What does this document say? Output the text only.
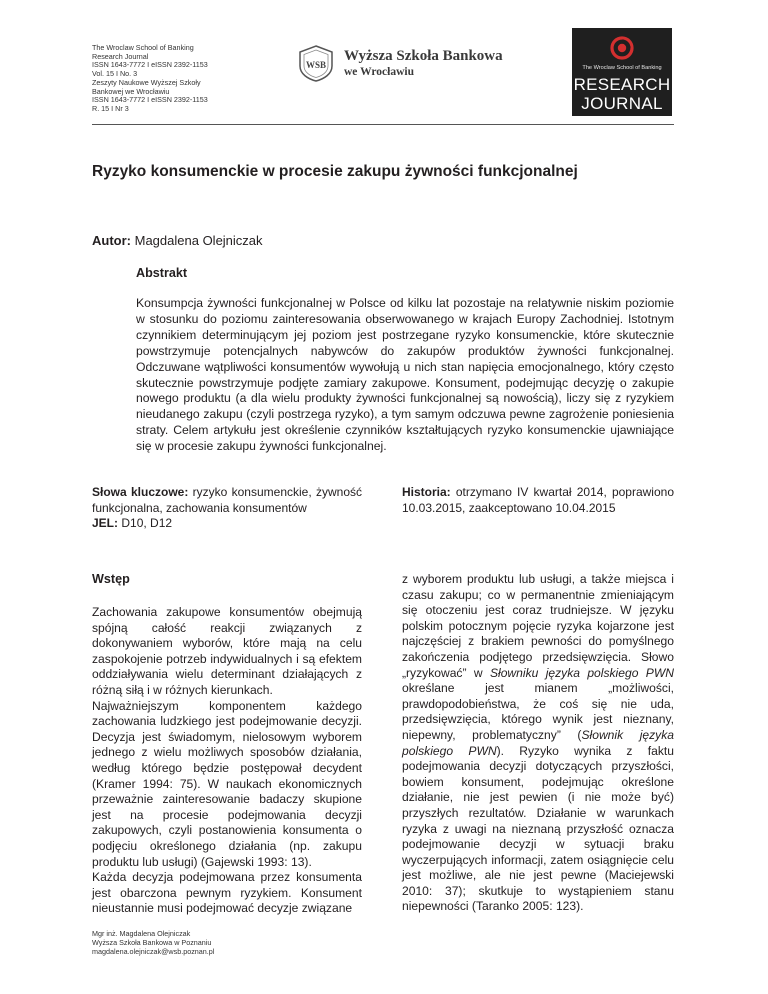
The Wroclaw School of Banking
Research Journal
ISSN 1643-7772 I eISSN 2392-1153
Vol. 15 I No. 3
Zeszyty Naukowe Wyższej Szkoły
Bankowej we Wrocławiu
ISSN 1643-7772 I eISSN 2392-1153
R. 15 I Nr 3
WSB
Wyższa Szkoła Bankowa
we Wrocławiu	The Wroclaw School of Banking
RESEARCH
JOURNAL
Ryzyko konsumenckie w procesie zakupu żywności funkcjonalnej
Autor: Magdalena Olejniczak
Abstrakt
Konsumpcja żywności funkcjonalnej w Polsce od kilku lat pozostaje na relatywnie niskim poziomie w stosunku do poziomu zainteresowania obserwowanego w krajach Europy Zachodniej. Istotnym czynnikiem determinującym jej poziom jest postrzegane ryzyko konsumenckie, które skutecznie powstrzymuje potencjalnych nabywców do zakupów produktów żywności funkcjonalnej. Odczuwane wątpliwości konsumentów wywołują u nich stan napięcia emocjonalnego, który często skutecznie powstrzymuje podjęte zamiary zakupowe. Konsument, podejmując decyzję o zakupie nowego produktu (a dla wielu produkty żywności funkcjonalnej są nowością), liczy się z ryzykiem nieudanego zakupu (czyli postrzega ryzyko), a tym samym odczuwa pewne zagrożenie poniesienia straty. Celem artykułu jest określenie czynników kształtujących ryzyko konsumenckie ujawniające się w procesie zakupu żywności funkcjonalnej.
Słowa kluczowe: ryzyko konsumenckie, żywność funkcjonalna, zachowania konsumentów
JEL: D10, D12
Historia: otrzymano IV kwartał 2014, poprawiono 10.03.2015, zaakceptowano 10.04.2015
Wstęp

Zachowania zakupowe konsumentów obejmują spójną całość reakcji związanych z dokonywaniem wyborów, które mają na celu zaspokojenie potrzeb indywidualnych i są efektem oddziaływania wielu determinant działających z różną siłą i w różnych kierunkach.

Najważniejszym komponentem każdego zachowania ludzkiego jest podejmowanie decyzji. Decyzja jest świadomym, nielosowym wyborem jednego z wielu możliwych sposobów działania, według którego będzie postępował decydent (Kramer 1994: 75). W naukach ekonomicznych przeważnie zainteresowanie badaczy skupione jest na procesie podejmowania decyzji zakupowych, czyli postanowienia konsumenta o podjęciu określonego działania (np. zakupu produktu lub usługi) (Gajewski 1993: 13).

Każda decyzja podejmowana przez konsumenta jest obarczona pewnym ryzykiem. Konsument nieustannie musi podejmować decyzje związane

z wyborem produktu lub usługi, a także miejsca i czasu zakupu; co w permanentnie zmieniającym się otoczeniu jest coraz trudniejsze. W języku polskim potocznym pojęcie ryzyka kojarzone jest najczęściej z brakiem pewności do pomyślnego zakończenia podjętego przedsięwzięcia. Słowo „ryzykować” w Słowniku języka polskiego PWN określane jest mianem „możliwości, prawdopodobieństwa, że coś się nie uda, przedsięwzięcia, którego wynik jest nieznany, niepewny, problematyczny” (Słownik języka polskiego PWN). Ryzyko wynika z faktu podejmowania decyzji dotyczących przyszłości, bowiem konsument, podejmując określone działanie, nie jest pewien (i nie może być) przyszłych rezultatów. Działanie w warunkach ryzyka z uwagi na nieznaną przyszłość oznacza podejmowanie decyzji w sytuacji braku wyczerpujących informacji, zatem osiągnięcie celu jest możliwe, ale nie jest pewne (Maciejewski 2010: 37); skutkuje to wystąpieniem stanu niepewności (Taranko 2005: 123).

Mgr inż. Magdalena Olejniczak
Wyższa Szkoła Bankowa w Poznaniu
magdalena.olejniczak@wsb.poznan.pl
